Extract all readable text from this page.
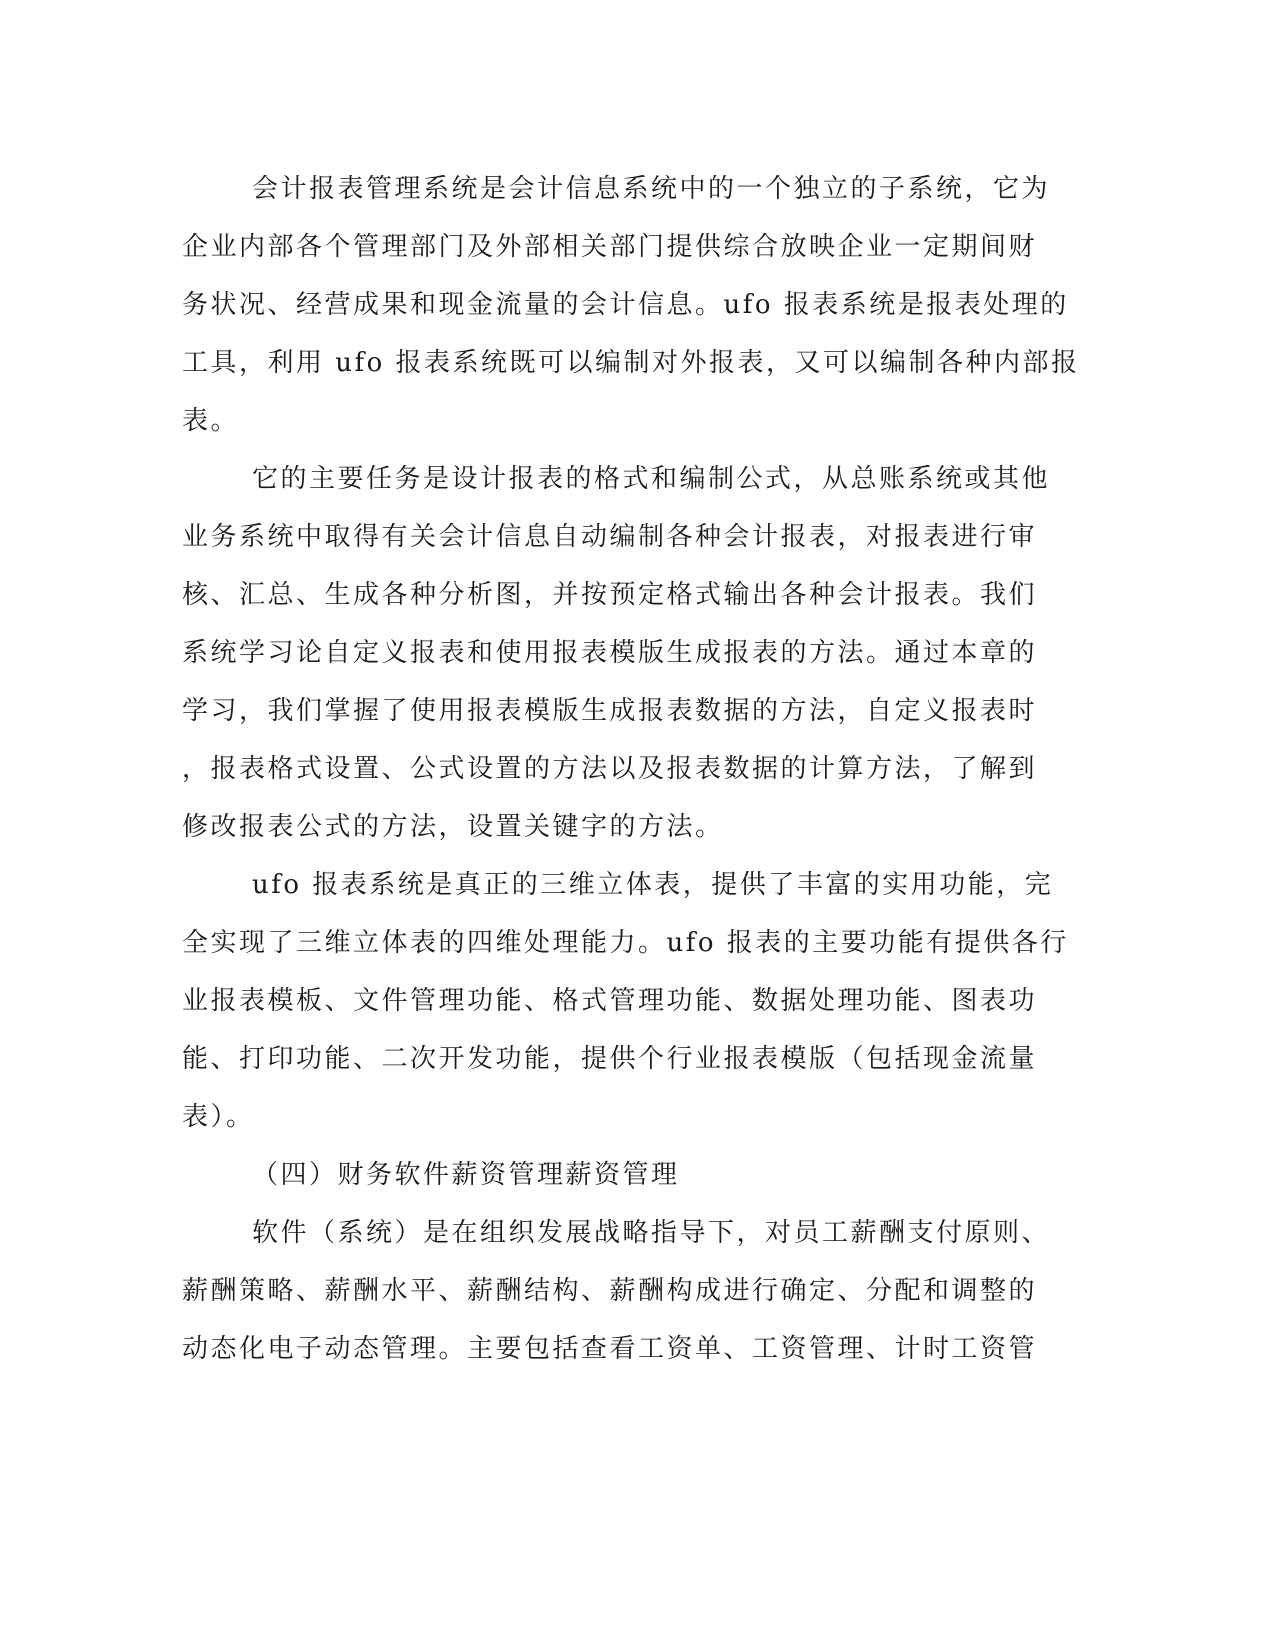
会计报表管理系统是会计信息系统中的一个独立的子系统，它为
企业内部各个管理部门及外部相关部门提供综合放映企业一定期间财
务状况、经营成果和现金流量的会计信息。ufo 报表系统是报表处理的
工具，利用 ufo 报表系统既可以编制对外报表，又可以编制各种内部报
表。
它的主要任务是设计报表的格式和编制公式，从总账系统或其他
业务系统中取得有关会计信息自动编制各种会计报表，对报表进行审
核、汇总、生成各种分析图，并按预定格式输出各种会计报表。我们
系统学习论自定义报表和使用报表模版生成报表的方法。通过本章的
学习，我们掌握了使用报表模版生成报表数据的方法，自定义报表时
，报表格式设置、公式设置的方法以及报表数据的计算方法，了解到
修改报表公式的方法，设置关键字的方法。
ufo 报表系统是真正的三维立体表，提供了丰富的实用功能，完
全实现了三维立体表的四维处理能力。ufo 报表的主要功能有提供各行
业报表模板、文件管理功能、格式管理功能、数据处理功能、图表功
能、打印功能、二次开发功能，提供个行业报表模版（包括现金流量
表）。
（四）财务软件薪资管理薪资管理
软件（系统）是在组织发展战略指导下，对员工薪酬支付原则、
薪酬策略、薪酬水平、薪酬结构、薪酬构成进行确定、分配和调整的
动态化电子动态管理。主要包括查看工资单、工资管理、计时工资管
